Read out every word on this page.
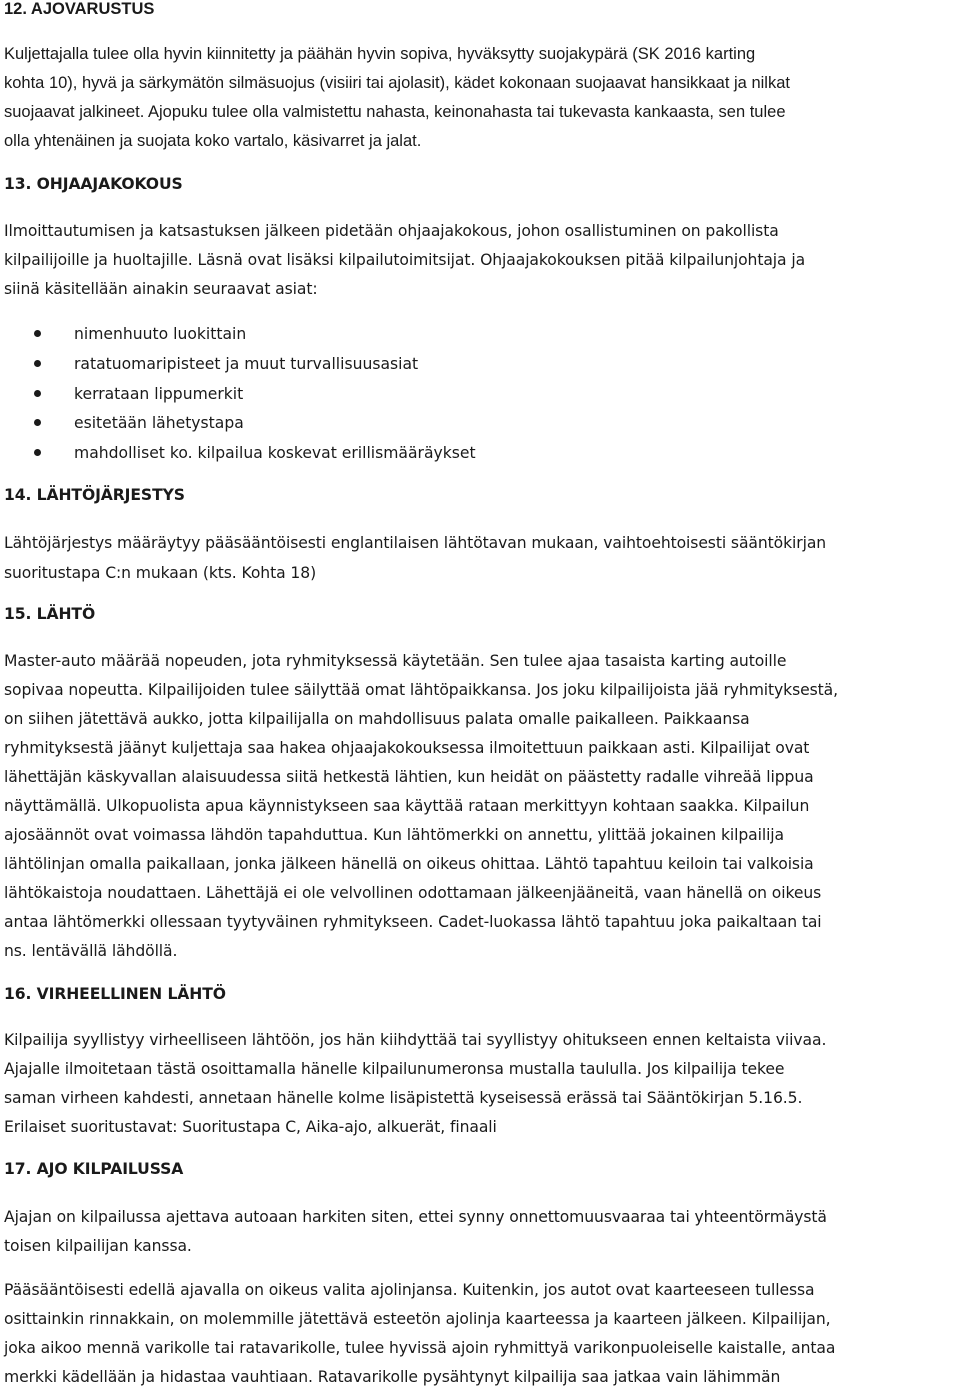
12. AJOVARUSTUS

Kuljettajalla tulee olla hyvin kiinnitetty ja päähän hyvin sopiva, hyväksytty suojakypärä (SK 2016 karting

kohta 10), hyvä ja särkymätön silmäsuojus (visiiri tai ajolasit), kädet kokonaan suojaavat hansikkaat ja nilkat

suojaavat jalkineet. Ajopuku tulee olla valmistettu nahasta, keinonahasta tai tukevasta kankaasta, sen tulee

olla yhtenäinen ja suojata koko vartalo, käsivarret ja jalat.

13. OHJAAJAKOKOUS

Ilmoittautumisen ja katsastuksen jälkeen pidetään ohjaajakokous, johon osallistuminen on pakollista

kilpailijoille ja huoltajille. Läsnä ovat lisäksi kilpailutoimitsijat. Ohjaajakokouksen pitää kilpailunjohtaja ja

siinä käsitellään ainakin seuraavat asiat:

nimenhuuto luokittain
ratatuomaripisteet ja muut turvallisuusasiat
kerrataan lippumerkit
esitetään lähetystapa
mahdolliset ko. kilpailua koskevat erillismääräykset
14. LÄHTÖJÄRJESTYS

Lähtöjärjestys määräytyy pääsääntöisesti englantilaisen lähtötavan mukaan, vaihtoehtoisesti sääntökirjan

suoritustapa C:n mukaan (kts. Kohta 18)

15. LÄHTÖ

Master-auto määrää nopeuden, jota ryhmityksessä käytetään. Sen tulee ajaa tasaista karting autoille

sopivaa nopeutta. Kilpailijoiden tulee säilyttää omat lähtöpaikkansa. Jos joku kilpailijoista jää ryhmityksestä,

on siihen jätettävä aukko, jotta kilpailijalla on mahdollisuus palata omalle paikalleen. Paikkaansa

ryhmityksestä jäänyt kuljettaja saa hakea ohjaajakokouksessa ilmoitettuun paikkaan asti. Kilpailijat ovat

lähettäjän käskyvallan alaisuudessa siitä hetkestä lähtien, kun heidät on päästetty radalle vihreää lippua

näyttämällä. Ulkopuolista apua käynnistykseen saa käyttää rataan merkittyyn kohtaan saakka. Kilpailun

ajosäännöt ovat voimassa lähdön tapahduttua. Kun lähtömerkki on annettu, ylittää jokainen kilpailija

lähtölinjan omalla paikallaan, jonka jälkeen hänellä on oikeus ohittaa. Lähtö tapahtuu keiloin tai valkoisia

lähtökaistoja noudattaen. Lähettäjä ei ole velvollinen odottamaan jälkeenjääneitä, vaan hänellä on oikeus

antaa lähtömerkki ollessaan tyytyväinen ryhmitykseen. Cadet-luokassa lähtö tapahtuu joka paikaltaan tai

ns. lentävällä lähdöllä.

16. VIRHEELLINEN LÄHTÖ

Kilpailija syyllistyy virheelliseen lähtöön, jos hän kiihdyttää tai syyllistyy ohitukseen ennen keltaista viivaa.

Ajajalle ilmoitetaan tästä osoittamalla hänelle kilpailunumeronsa mustalla taululla. Jos kilpailija tekee

saman virheen kahdesti, annetaan hänelle kolme lisäpistettä kyseisessä erässä tai Sääntökirjan 5.16.5.

Erilaiset suoritustavat: Suoritustapa C, Aika-ajo, alkuerät, finaali

17. AJO KILPAILUSSA

Ajajan on kilpailussa ajettava autoaan harkiten siten, ettei synny onnettomuusvaaraa tai yhteentörmäystä

toisen kilpailijan kanssa.

Pääsääntöisesti edellä ajavalla on oikeus valita ajolinjansa. Kuitenkin, jos autot ovat kaarteeseen tullessa

osittainkin rinnakkain, on molemmille jätettävä esteetön ajolinja kaarteessa ja kaarteen jälkeen. Kilpailijan,

joka aikoo mennä varikolle tai ratavarikolle, tulee hyvissä ajoin ryhmittyä varikonpuoleiselle kaistalle, antaa

merkki kädellään ja hidastaa vauhtiaan. Ratavarikolle pysähtynyt kilpailija saa jatkaa vain lähimmän
